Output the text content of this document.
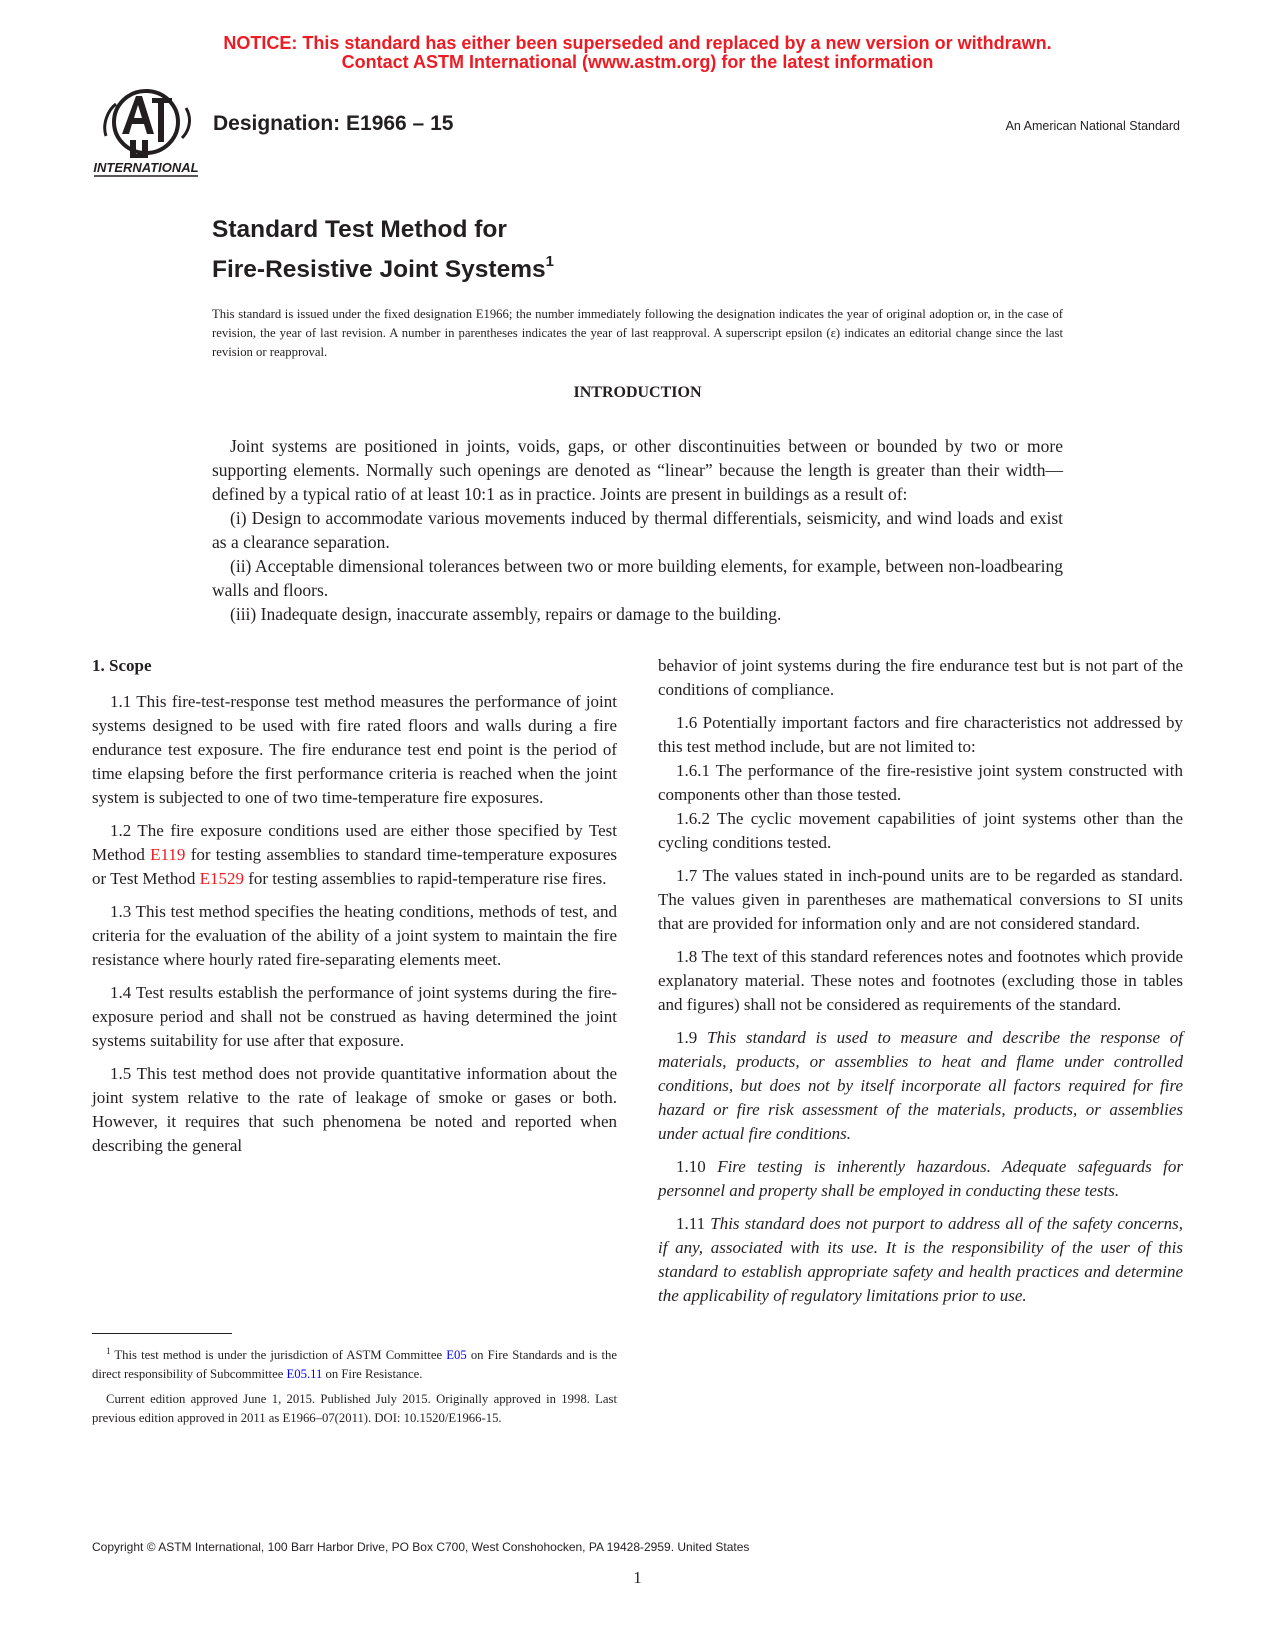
NOTICE: This standard has either been superseded and replaced by a new version or withdrawn.
Contact ASTM International (www.astm.org) for the latest information
INTERNATIONAL
Designation: E1966 – 15	An American National Standard
Standard Test Method for
Fire-Resistive Joint Systems$^1$
This standard is issued under the fixed designation E1966; the number immediately following the designation indicates the year of original adoption or, in the case of revision, the year of last revision. A number in parentheses indicates the year of last reapproval. A superscript epsilon (ε) indicates an editorial change since the last revision or reapproval.
INTRODUCTION

Joint systems are positioned in joints, voids, gaps, or other discontinuities between or bounded by two or more supporting elements. Normally such openings are denoted as “linear” because the length is greater than their width—defined by a typical ratio of at least 10:1 as in practice. Joints are present in buildings as a result of:

(i) Design to accommodate various movements induced by thermal differentials, seismicity, and wind loads and exist as a clearance separation.

(ii) Acceptable dimensional tolerances between two or more building elements, for example, between non-loadbearing walls and floors.

(iii) Inadequate design, inaccurate assembly, repairs or damage to the building.

1. Scope

1.1 This fire-test-response test method measures the performance of joint systems designed to be used with fire rated floors and walls during a fire endurance test exposure. The fire endurance test end point is the period of time elapsing before the first performance criteria is reached when the joint system is subjected to one of two time-temperature fire exposures.

1.2 The fire exposure conditions used are either those specified by Test Method E119 for testing assemblies to standard time-temperature exposures or Test Method E1529 for testing assemblies to rapid-temperature rise fires.

1.3 This test method specifies the heating conditions, methods of test, and criteria for the evaluation of the ability of a joint system to maintain the fire resistance where hourly rated fire-separating elements meet.

1.4 Test results establish the performance of joint systems during the fire-exposure period and shall not be construed as having determined the joint systems suitability for use after that exposure.

1.5 This test method does not provide quantitative information about the joint system relative to the rate of leakage of smoke or gases or both. However, it requires that such phenomena be noted and reported when describing the general

behavior of joint systems during the fire endurance test but is not part of the conditions of compliance.

1.6 Potentially important factors and fire characteristics not addressed by this test method include, but are not limited to:

1.6.1 The performance of the fire-resistive joint system constructed with components other than those tested.

1.6.2 The cyclic movement capabilities of joint systems other than the cycling conditions tested.

1.7 The values stated in inch-pound units are to be regarded as standard. The values given in parentheses are mathematical conversions to SI units that are provided for information only and are not considered standard.

1.8 The text of this standard references notes and footnotes which provide explanatory material. These notes and footnotes (excluding those in tables and figures) shall not be considered as requirements of the standard.

1.9 This standard is used to measure and describe the response of materials, products, or assemblies to heat and flame under controlled conditions, but does not by itself incorporate all factors required for fire hazard or fire risk assessment of the materials, products, or assemblies under actual fire conditions.

1.10 Fire testing is inherently hazardous. Adequate safeguards for personnel and property shall be employed in conducting these tests.

1.11 This standard does not purport to address all of the safety concerns, if any, associated with its use. It is the responsibility of the user of this standard to establish appropriate safety and health practices and determine the applicability of regulatory limitations prior to use.

$^1$ This test method is under the jurisdiction of ASTM Committee E05 on Fire Standards and is the direct responsibility of Subcommittee E05.11 on Fire Resistance.

Current edition approved June 1, 2015. Published July 2015. Originally approved in 1998. Last previous edition approved in 2011 as E1966–07(2011). DOI: 10.1520/E1966-15.

Copyright © ASTM International, 100 Barr Harbor Drive, PO Box C700, West Conshohocken, PA 19428-2959. United States
1
